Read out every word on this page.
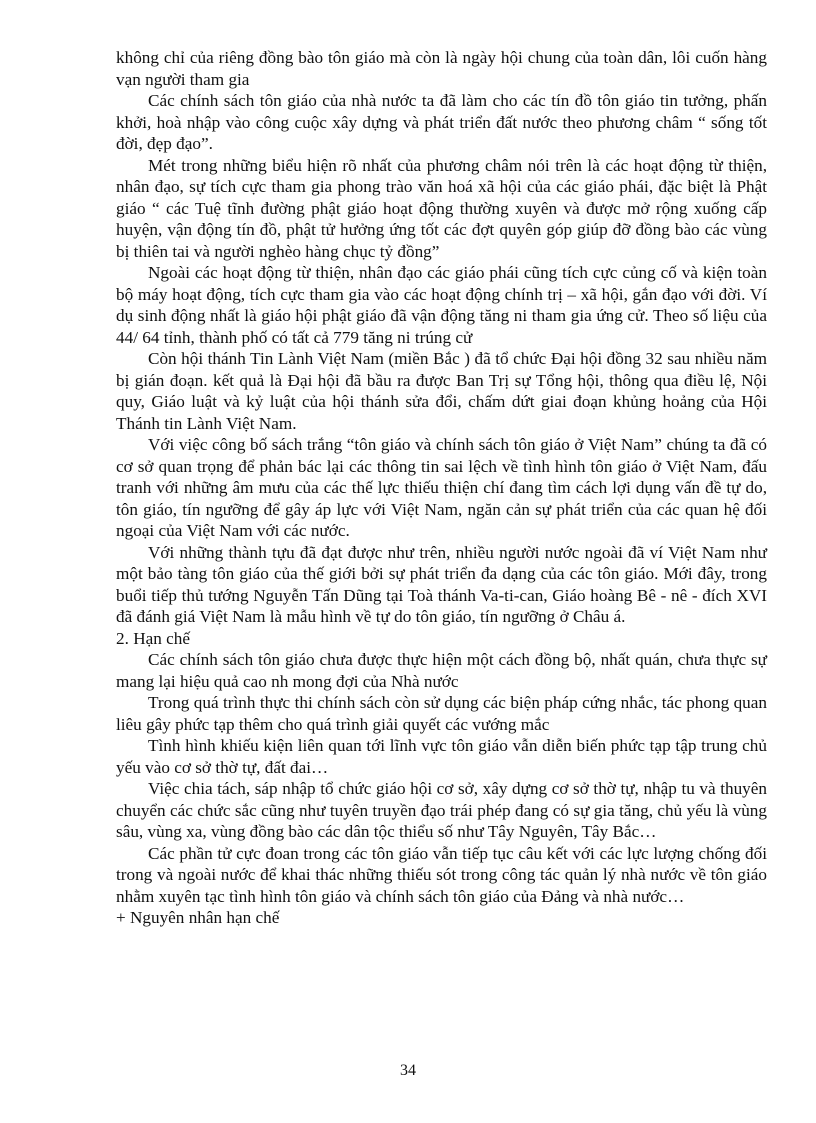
không chỉ của riêng đồng bào tôn giáo mà còn là ngày hội chung của toàn dân, lôi cuốn hàng vạn người tham gia

Các chính sách tôn giáo của nhà nước ta đã làm cho các tín đồ tôn giáo tin tưởng, phấn khởi, hoà nhập vào công cuộc xây dựng và phát triển đất nước theo phương châm “ sống tốt đời, đẹp đạo”.

Mét trong những biểu hiện rõ nhất của phương châm nói trên là các hoạt động từ thiện, nhân đạo, sự tích cực tham gia phong trào văn hoá xã hội của các giáo phái, đặc biệt là Phật giáo “ các Tuệ tĩnh đường phật giáo hoạt động thường xuyên và được mở rộng xuống cấp huyện, vận động tín đồ, phật tử hưởng ứng tốt các đợt quyên góp giúp đỡ đồng bào các vùng bị thiên tai và người nghèo hàng chục tỷ đồng”

Ngoài các hoạt động từ thiện, nhân đạo các giáo phái cũng tích cực củng cố và kiện toàn bộ máy hoạt động, tích cực tham gia vào các hoạt động chính trị – xã hội, gắn đạo với đời. Ví dụ sinh động nhất là giáo hội phật giáo đã vận động tăng ni tham gia ứng cử. Theo số liệu của 44/ 64 tỉnh, thành phố có tất cả 779 tăng ni trúng cử

Còn hội thánh Tin Lành Việt Nam (miền Bắc ) đã tổ chức Đại hội đồng 32 sau nhiều năm bị gián đoạn. kết quả là Đại hội đã bầu ra được Ban Trị sự Tổng hội, thông qua điều lệ, Nội quy, Giáo luật và kỷ luật của hội thánh sửa đổi, chấm dứt giai đoạn khủng hoảng của Hội Thánh tin Lành Việt Nam.

Với việc công bố sách trắng “tôn giáo và chính sách tôn giáo ở Việt Nam” chúng ta đã có cơ sở quan trọng để phản bác lại các thông tin sai lệch về tình hình tôn giáo ở Việt Nam, đấu tranh với những âm mưu của các thế lực thiếu thiện chí đang tìm cách lợi dụng vấn đề tự do, tôn giáo, tín ngưỡng để gây áp lực với Việt Nam, ngăn cản sự phát triển của các quan hệ đối ngoại của Việt Nam với các nước.

Với những thành tựu đã đạt được như trên, nhiều người nước ngoài đã ví Việt Nam như một bảo tàng tôn giáo của thế giới bởi sự phát triển đa dạng của các tôn giáo. Mới đây, trong buổi tiếp thủ tướng Nguyễn Tấn Dũng tại Toà thánh Va-ti-can, Giáo hoàng Bê - nê - đích XVI đã đánh giá Việt Nam là mẫu hình về tự do tôn giáo, tín ngưỡng ở Châu á.

2. Hạn chế

Các chính sách tôn giáo chưa được thực hiện một cách đồng bộ, nhất quán, chưa thực sự mang lại hiệu quả cao nh mong đợi của Nhà nước

Trong quá trình thực thi chính sách còn sử dụng các biện pháp cứng nhắc, tác phong quan liêu gây phức tạp thêm cho quá trình giải quyết các vướng mắc

Tình hình khiếu kiện liên quan tới lĩnh vực tôn giáo vẫn diễn biến phức tạp tập trung chủ yếu vào cơ sở thờ tự, đất đai…

Việc chia tách, sáp nhập tổ chức giáo hội cơ sở, xây dựng cơ sở thờ tự, nhập tu và thuyên chuyển các chức sắc cũng như tuyên truyền đạo trái phép đang có sự gia tăng, chủ yếu là vùng sâu, vùng xa, vùng đồng bào các dân tộc thiểu số như Tây Nguyên, Tây Bắc…

Các phần tử cực đoan trong các tôn giáo vẫn tiếp tục câu kết với các lực lượng chống đối trong và ngoài nước để khai thác những thiếu sót trong công tác quản lý nhà nước về tôn giáo nhằm xuyên tạc tình hình tôn giáo và chính sách tôn giáo của Đảng và nhà nước…

+ Nguyên nhân hạn chế

34
